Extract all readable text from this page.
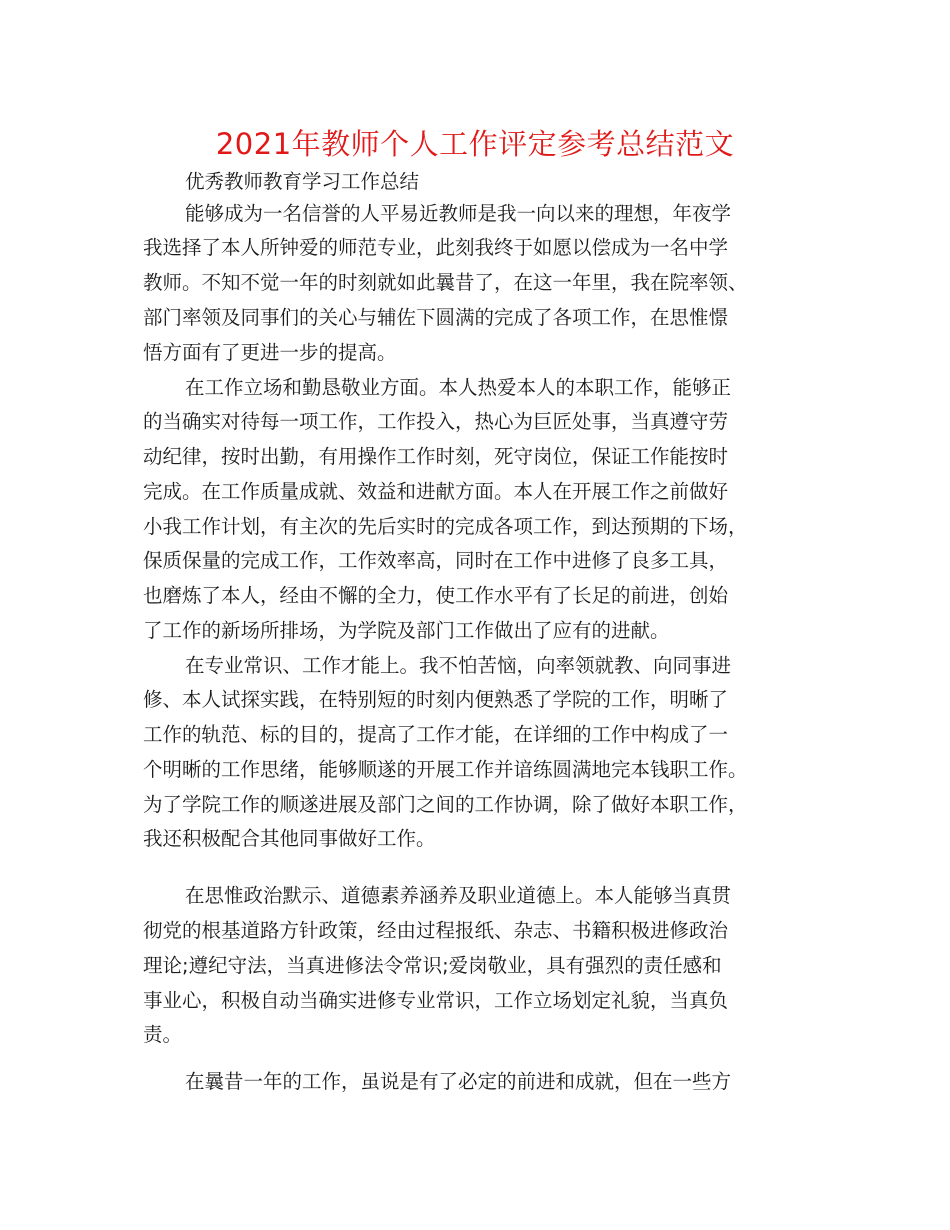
2021年教师个人工作评定参考总结范文
优秀教师教育学习工作总结
能够成为一名信誉的人平易近教师是我一向以来的理想，年夜学
我选择了本人所钟爱的师范专业，此刻我终于如愿以偿成为一名中学
教师。不知不觉一年的时刻就如此曩昔了，在这一年里，我在院率领、
部门率领及同事们的关心与辅佐下圆满的完成了各项工作，在思惟憬
悟方面有了更进一步的提高。
在工作立场和勤恳敬业方面。本人热爱本人的本职工作，能够正
的当确实对待每一项工作，工作投入，热心为巨匠处事，当真遵守劳
动纪律，按时出勤，有用操作工作时刻，死守岗位，保证工作能按时
完成。在工作质量成就、效益和进献方面。本人在开展工作之前做好
小我工作计划，有主次的先后实时的完成各项工作，到达预期的下场，
保质保量的完成工作，工作效率高，同时在工作中进修了良多工具，
也磨炼了本人，经由不懈的全力，使工作水平有了长足的前进，创始
了工作的新场所排场，为学院及部门工作做出了应有的进献。
在专业常识、工作才能上。我不怕苦恼，向率领就教、向同事进
修、本人试探实践，在特别短的时刻内便熟悉了学院的工作，明晰了
工作的轨范、标的目的，提高了工作才能，在详细的工作中构成了一
个明晰的工作思绪，能够顺遂的开展工作并谙练圆满地完本钱职工作。
为了学院工作的顺遂进展及部门之间的工作协调，除了做好本职工作，
我还积极配合其他同事做好工作。
在思惟政治默示、道德素养涵养及职业道德上。本人能够当真贯
彻党的根基道路方针政策，经由过程报纸、杂志、书籍积极进修政治
理论;遵纪守法，当真进修法令常识;爱岗敬业，具有强烈的责任感和
事业心，积极自动当确实进修专业常识，工作立场划定礼貌，当真负
责。
在曩昔一年的工作，虽说是有了必定的前进和成就，但在一些方
